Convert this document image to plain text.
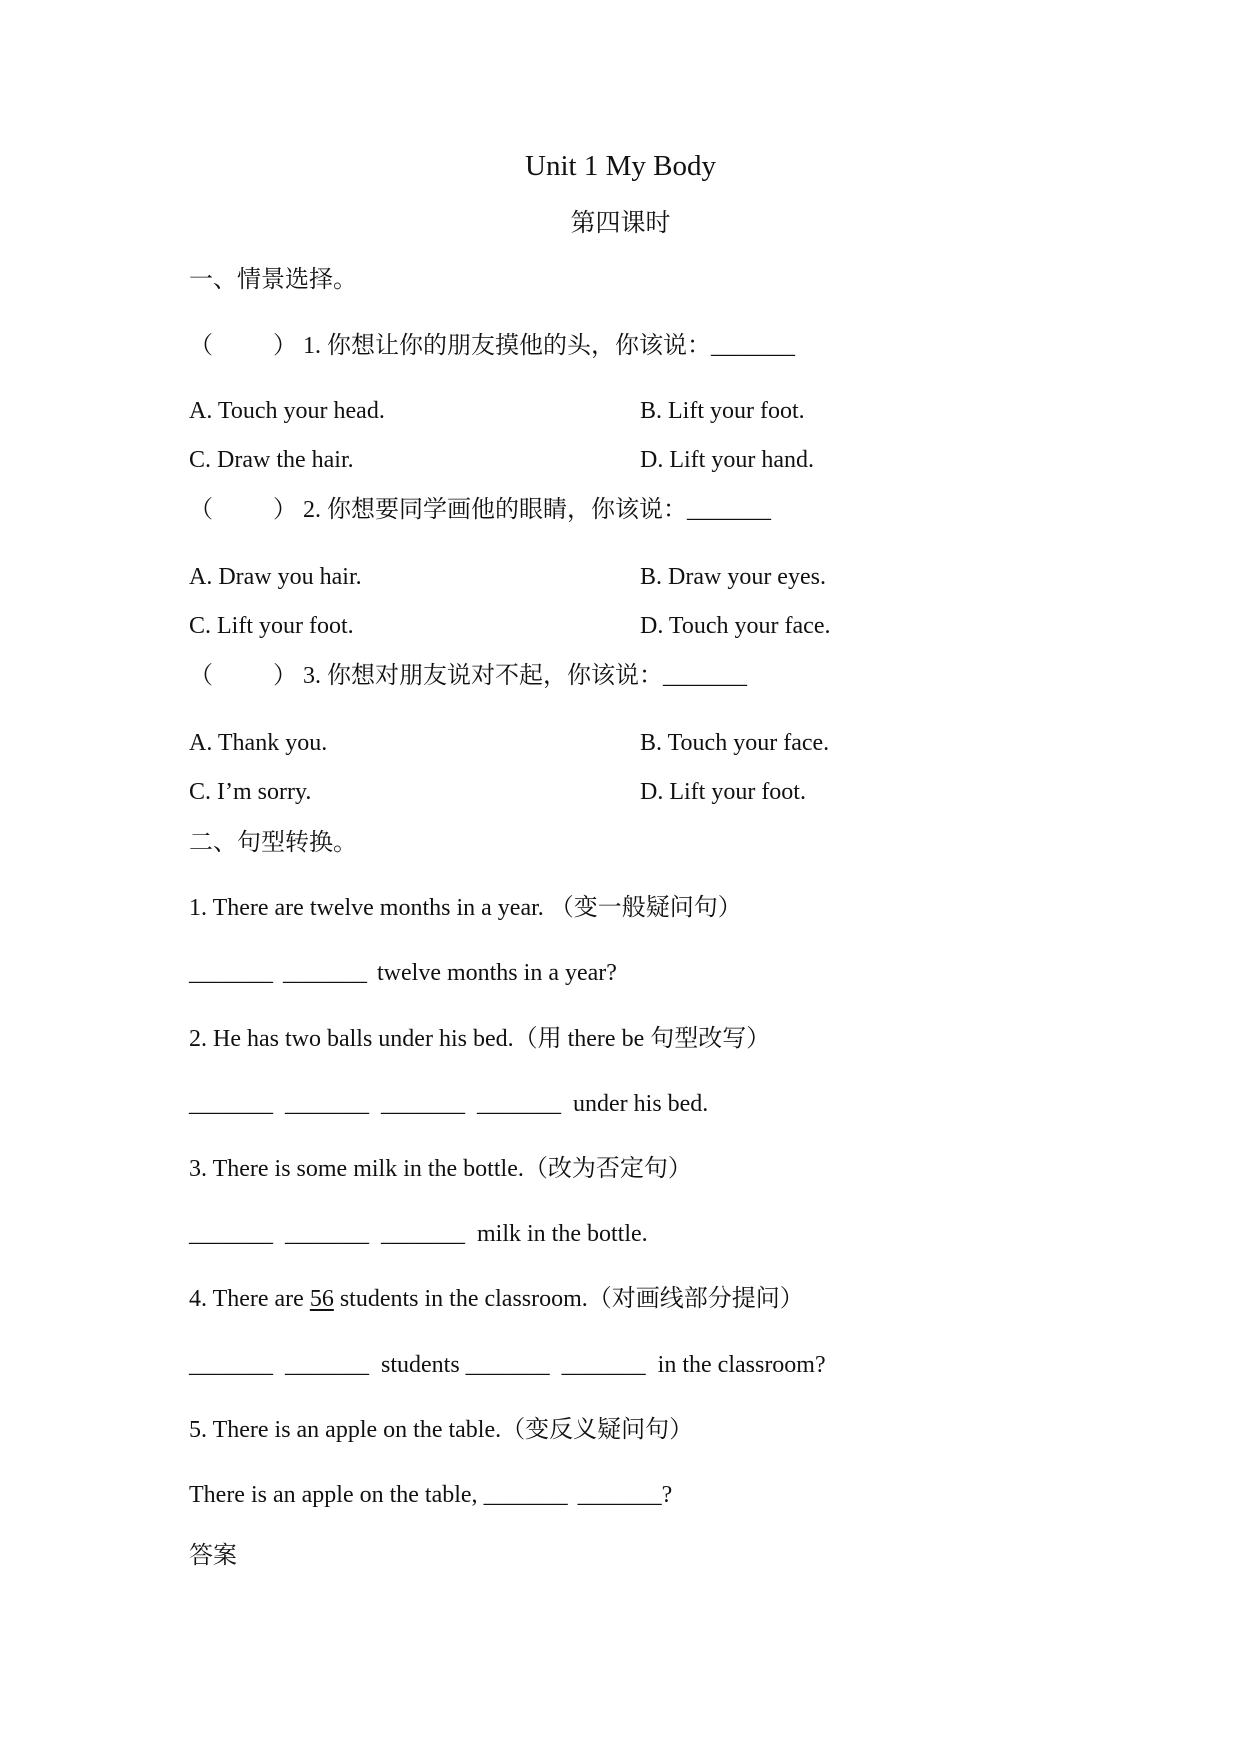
Unit 1 My Body
第四课时
一、情景选择。
（	） 1. 你想让你的朋友摸他的头，你该说：_______
A. Touch your head.	B. Lift your foot.
C. Draw the hair.	D. Lift your hand.
（	） 2. 你想要同学画他的眼睛，你该说：_______
A. Draw you hair.	B. Draw your eyes.
C. Lift your foot.	D. Touch your face.
（	） 3. 你想对朋友说对不起，你该说：_______
A. Thank you.	B. Touch your face.
C. I’m sorry.	D. Lift your foot.
二、句型转换。
1. There are twelve months in a year. （变一般疑问句）
_______ _______ twelve months in a year?
2. He has two balls under his bed.（用 there be 句型改写）
_______ _______ _______ _______ under his bed.
3. There is some milk in the bottle.（改为否定句）
_______ _______ _______ milk in the bottle.
4. There are 56 students in the classroom.（对画线部分提问）
_______ _______ students _______ _______ in the classroom?
5. There is an apple on the table.（变反义疑问句）
There is an apple on the table, _______ _______?
答案
